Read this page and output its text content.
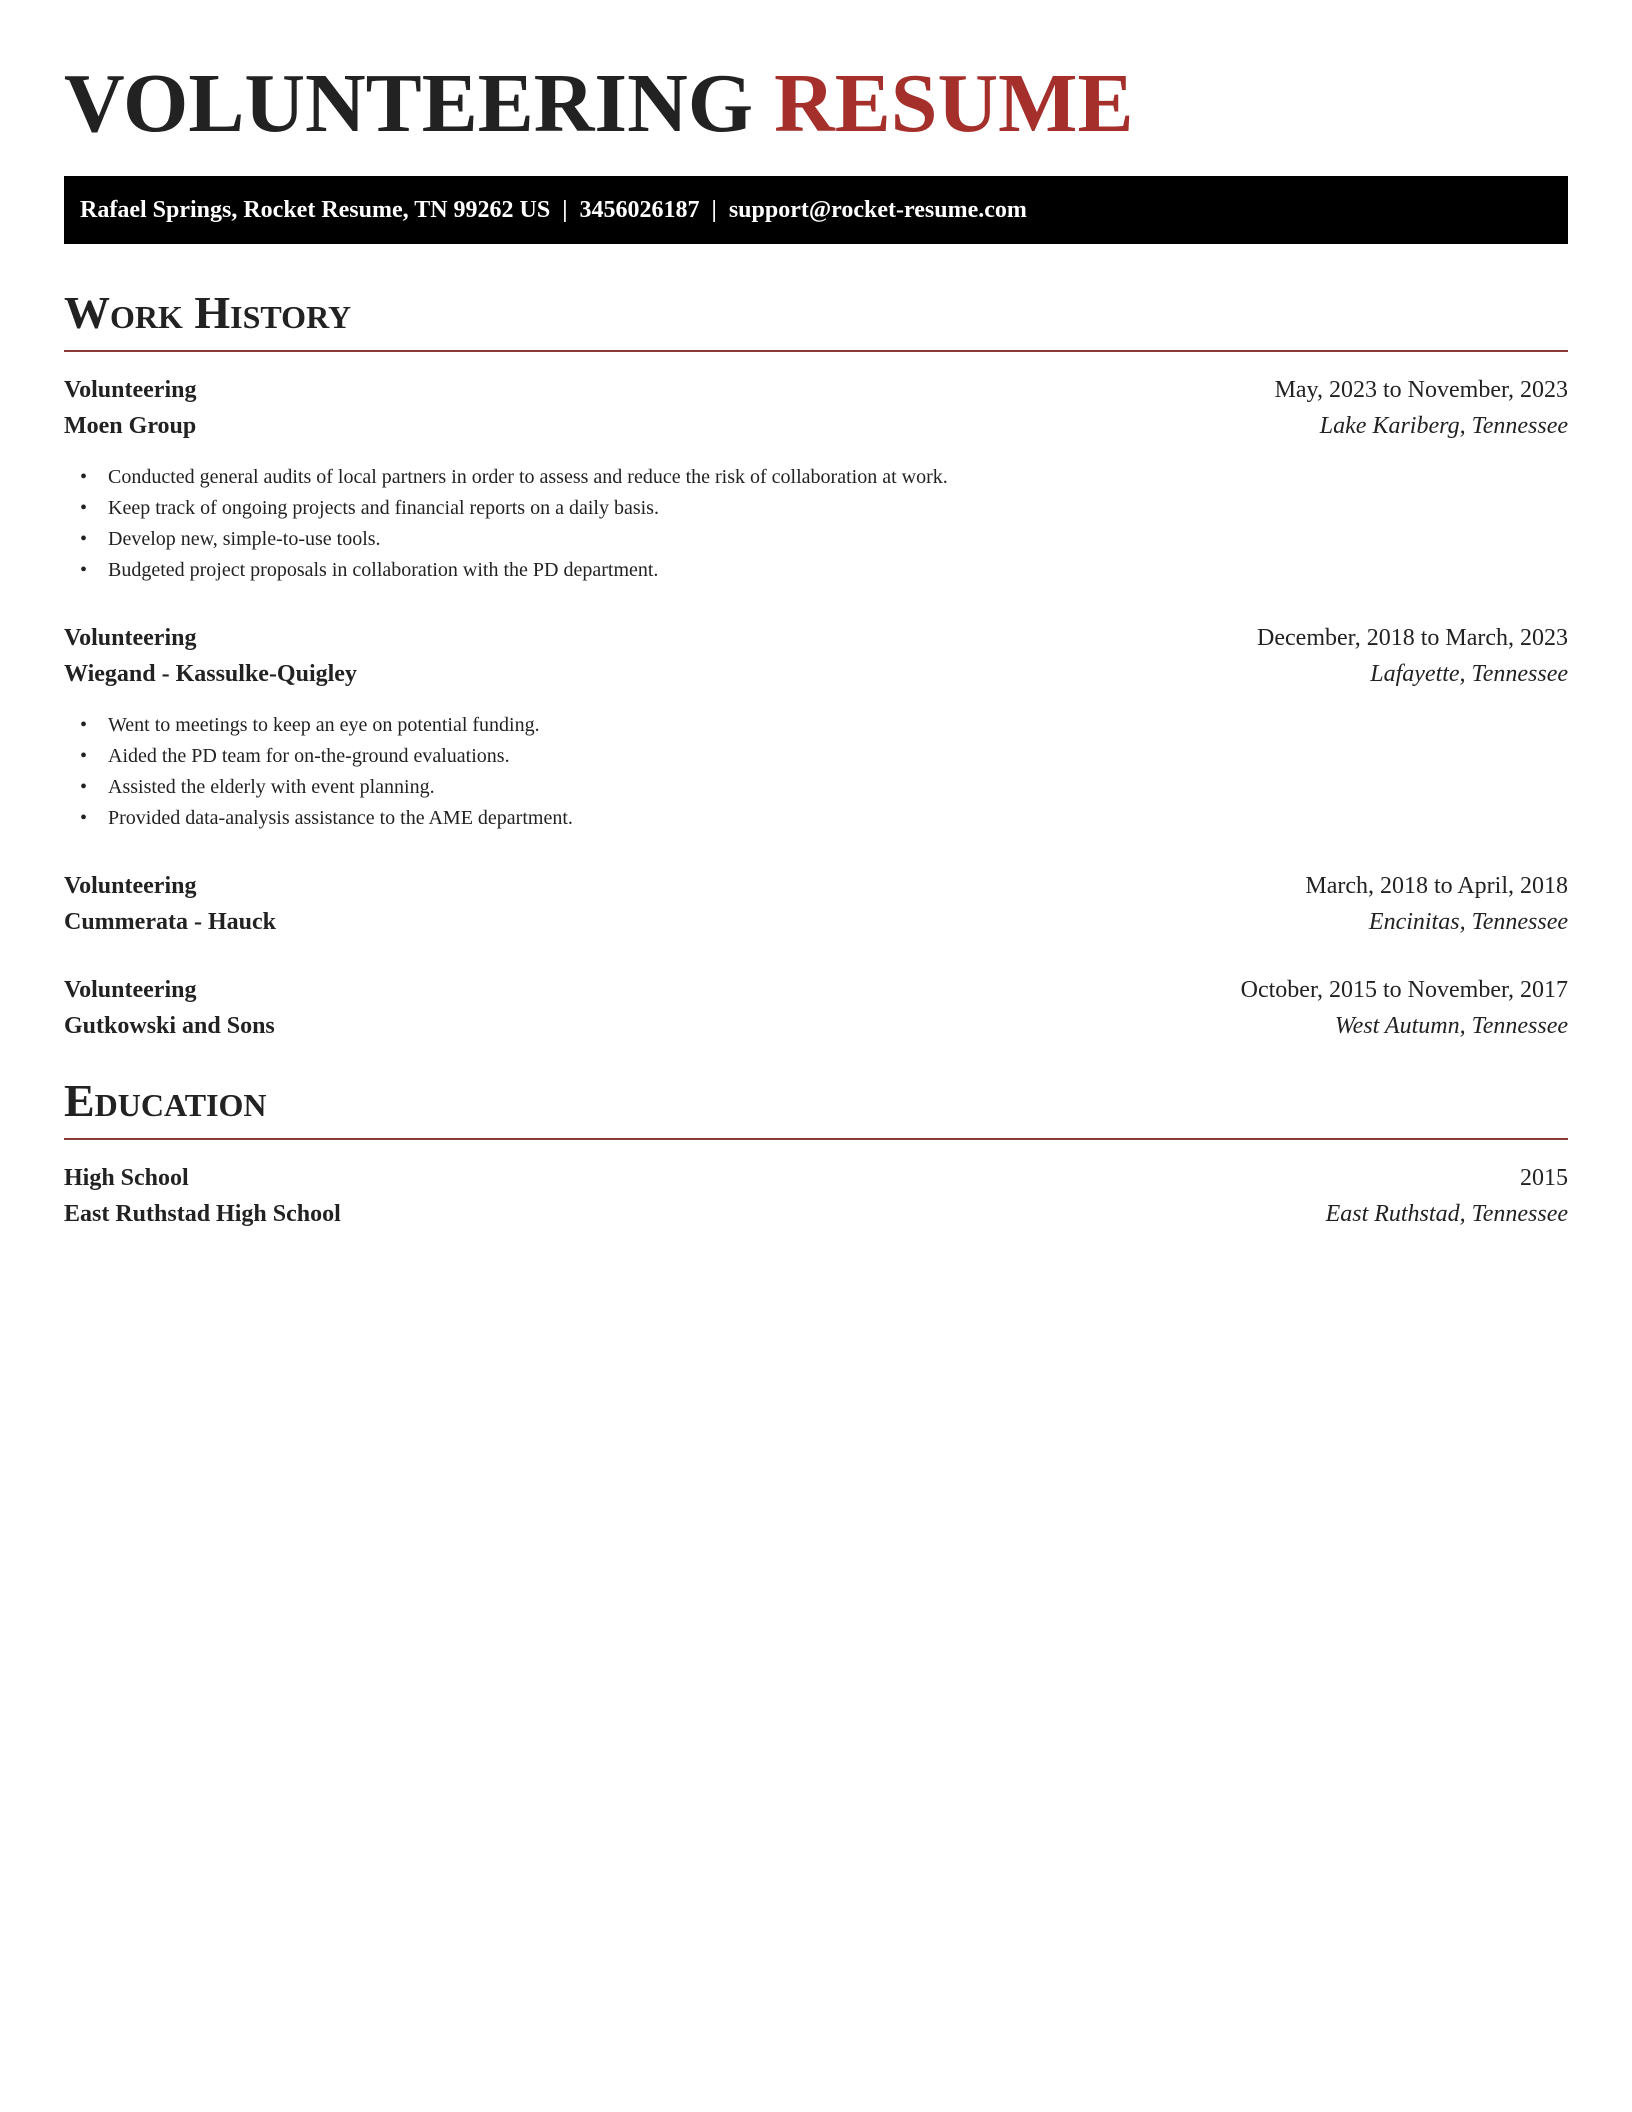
VOLUNTEERING RESUME
Rafael Springs, Rocket Resume, TN 99262 US | 3456026187 | support@rocket-resume.com
Work History
Volunteering	May, 2023 to November, 2023
Moen Group	Lake Kariberg, Tennessee
• Conducted general audits of local partners in order to assess and reduce the risk of collaboration at work.
• Keep track of ongoing projects and financial reports on a daily basis.
• Develop new, simple-to-use tools.
• Budgeted project proposals in collaboration with the PD department.
Volunteering	December, 2018 to March, 2023
Wiegand - Kassulke-Quigley	Lafayette, Tennessee
• Went to meetings to keep an eye on potential funding.
• Aided the PD team for on-the-ground evaluations.
• Assisted the elderly with event planning.
• Provided data-analysis assistance to the AME department.
Volunteering	March, 2018 to April, 2018
Cummerata - Hauck	Encinitas, Tennessee
Volunteering	October, 2015 to November, 2017
Gutkowski and Sons	West Autumn, Tennessee
Education
High School	2015
East Ruthstad High School	East Ruthstad, Tennessee
